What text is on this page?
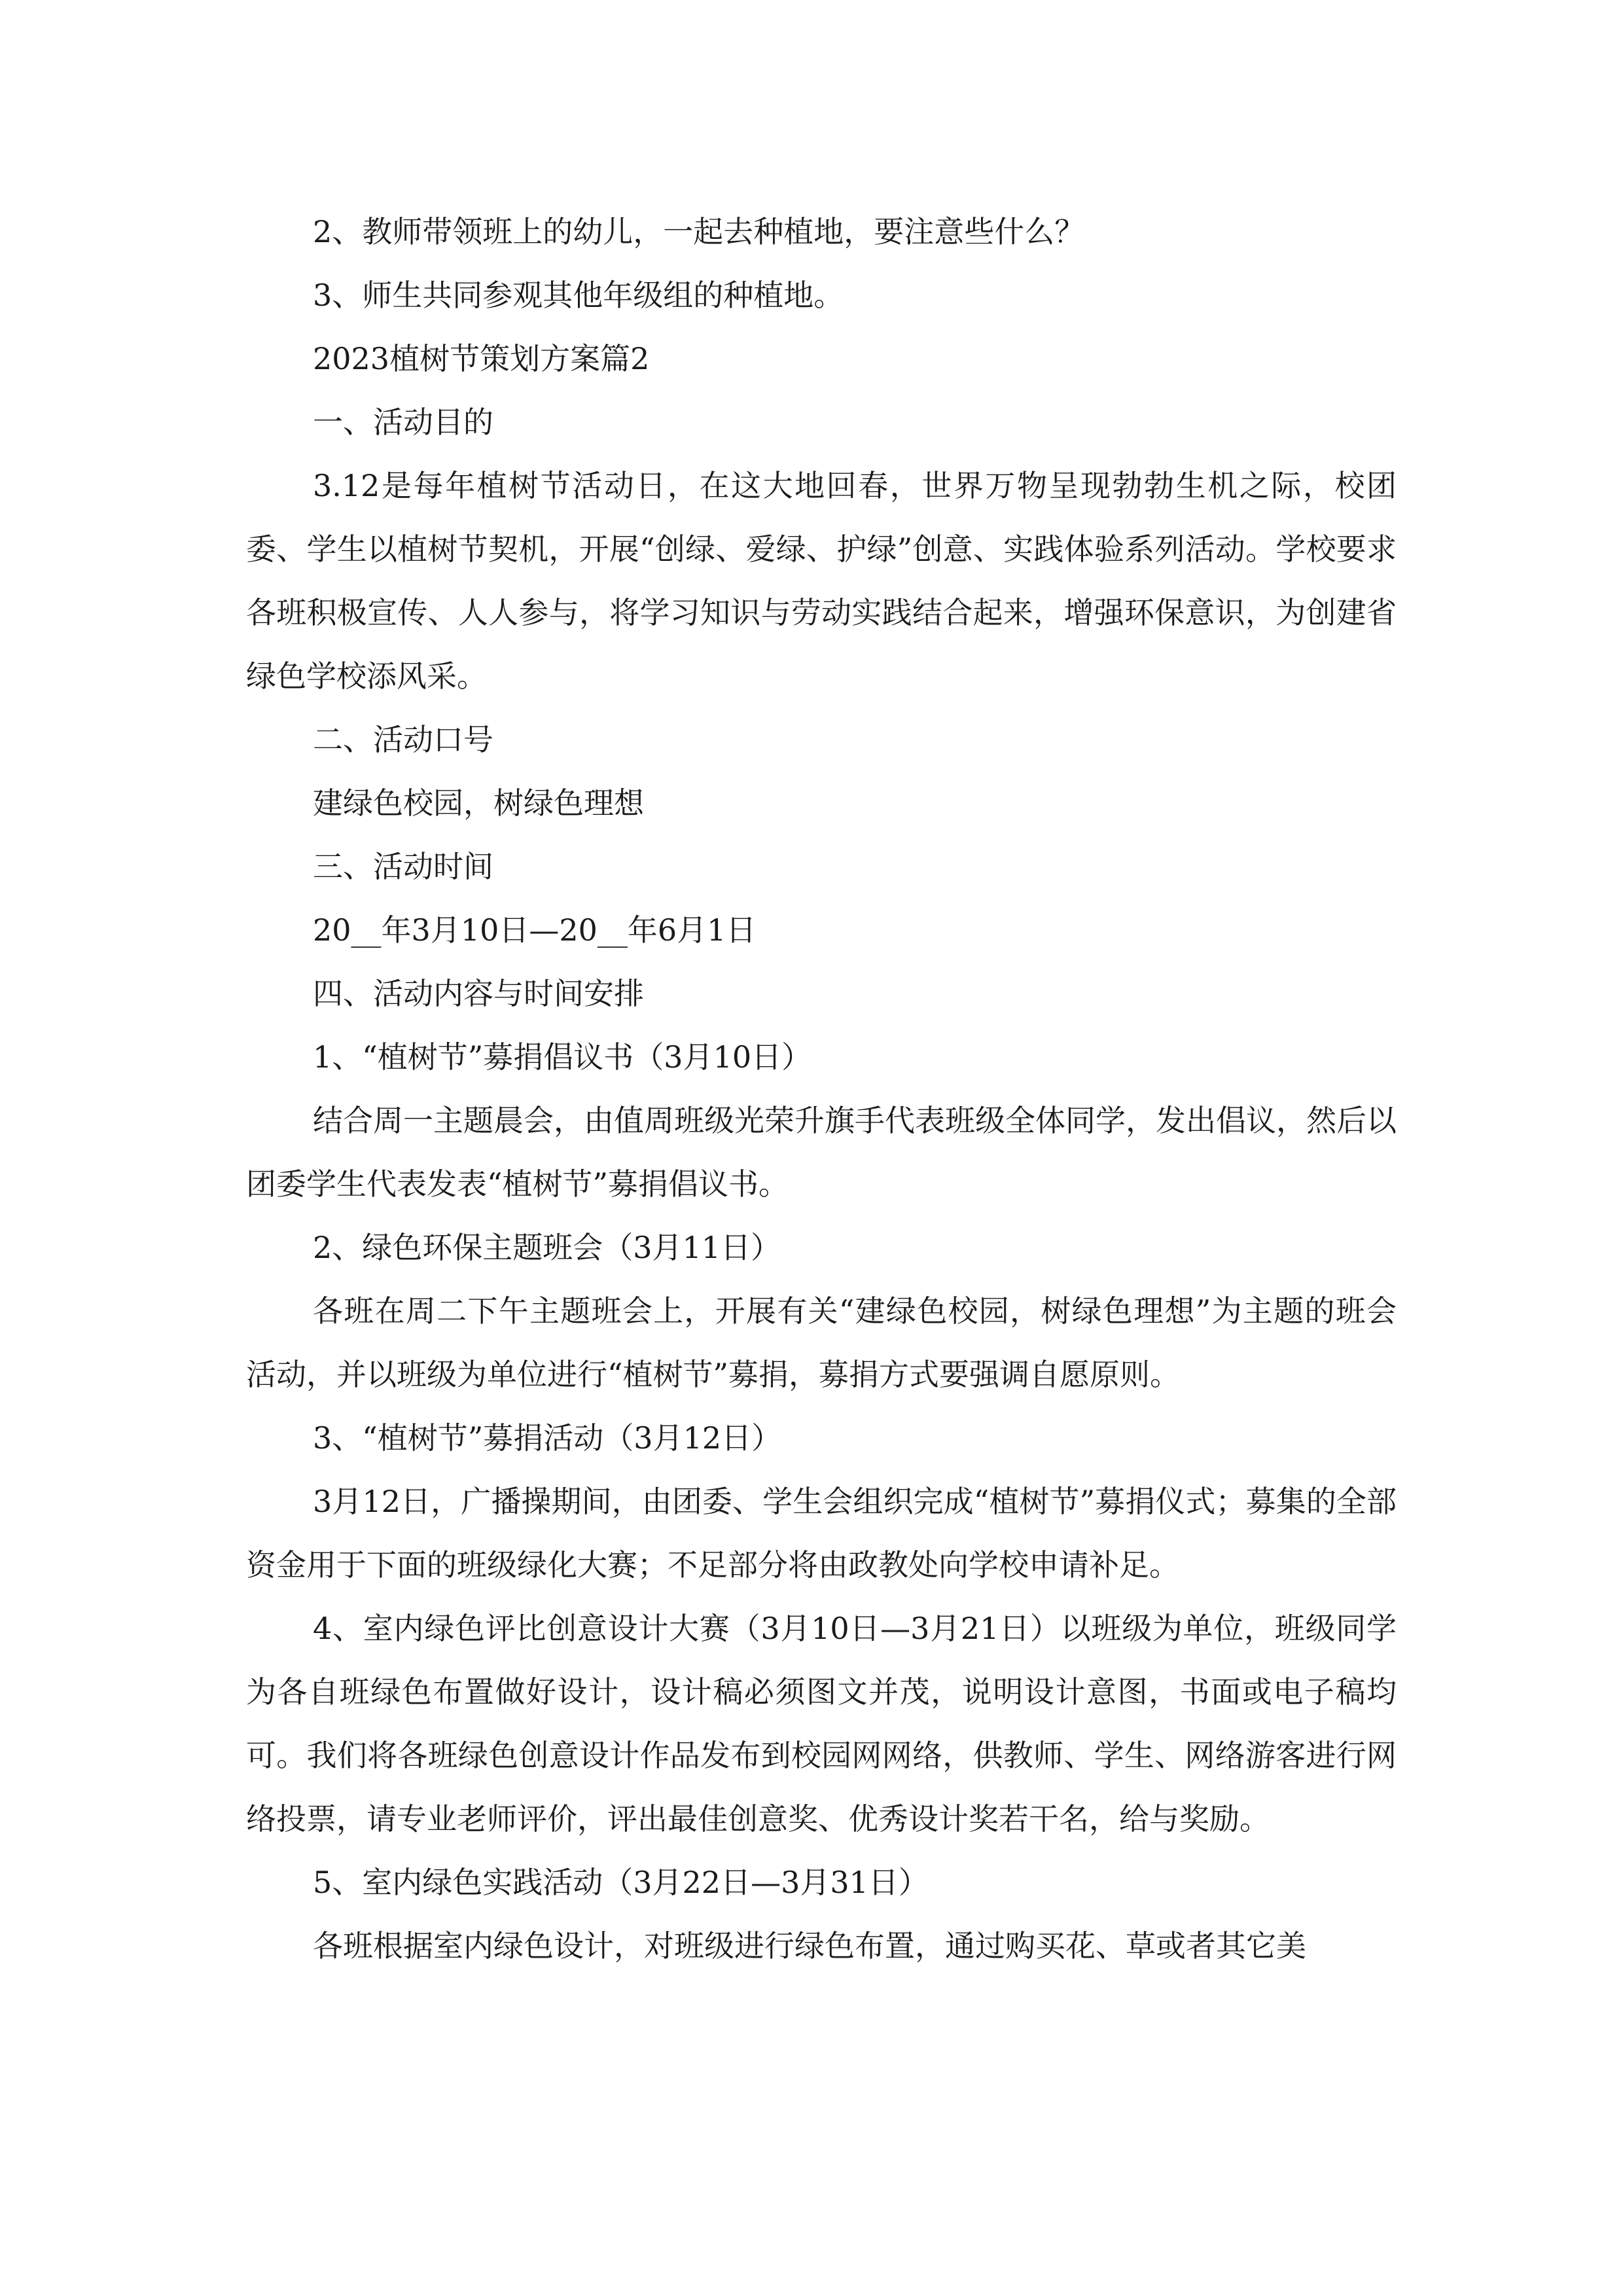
2、教师带领班上的幼儿，一起去种植地，要注意些什么？

3、师生共同参观其他年级组的种植地。

2023植树节策划方案篇2

一、活动目的

3.12是每年植树节活动日，在这大地回春，世界万物呈现勃勃生机之际，校团委、学生以植树节契机，开展“创绿、爱绿、护绿”创意、实践体验系列活动。学校要求各班积极宣传、人人参与，将学习知识与劳动实践结合起来，增强环保意识，为创建省绿色学校添风采。

二、活动口号

建绿色校园，树绿色理想

三、活动时间

20__年3月10日—20__年6月1日

四、活动内容与时间安排

1、“植树节”募捐倡议书（3月10日）

结合周一主题晨会，由值周班级光荣升旗手代表班级全体同学，发出倡议，然后以团委学生代表发表“植树节”募捐倡议书。

2、绿色环保主题班会（3月11日）

各班在周二下午主题班会上，开展有关“建绿色校园，树绿色理想”为主题的班会活动，并以班级为单位进行“植树节”募捐，募捐方式要强调自愿原则。

3、“植树节”募捐活动（3月12日）

3月12日，广播操期间，由团委、学生会组织完成“植树节”募捐仪式；募集的全部资金用于下面的班级绿化大赛；不足部分将由政教处向学校申请补足。

4、室内绿色评比创意设计大赛（3月10日—3月21日）以班级为单位，班级同学为各自班绿色布置做好设计，设计稿必须图文并茂，说明设计意图，书面或电子稿均可。我们将各班绿色创意设计作品发布到校园网网络，供教师、学生、网络游客进行网络投票，请专业老师评价，评出最佳创意奖、优秀设计奖若干名，给与奖励。

5、室内绿色实践活动（3月22日—3月31日）

各班根据室内绿色设计，对班级进行绿色布置，通过购买花、草或者其它美
